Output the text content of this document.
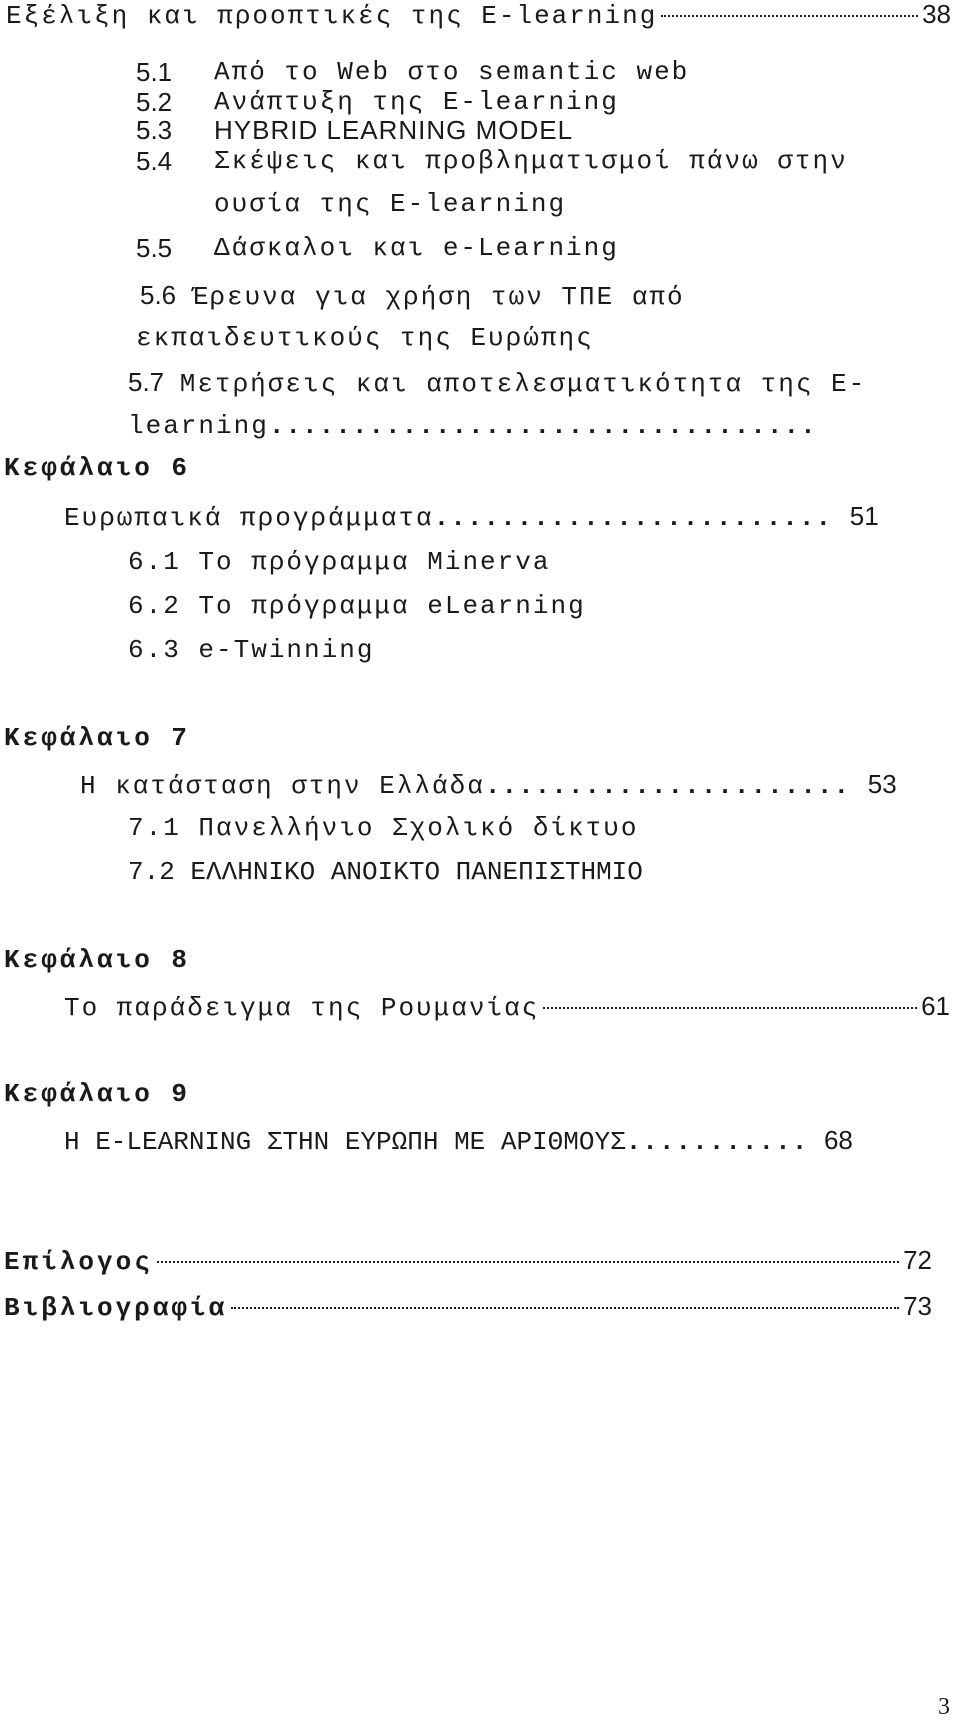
Εξέλιξη και προοπτικές της E-learning	38
5.1 Από το Web στο semantic web
5.2 Ανάπτυξη της E-learning
5.3 HYBRID LEARNING MODEL
5.4 Σκέψεις και προβληματισμοί πάνω στην
ουσία της E-learning
5.5 Δάσκαλοι και e-Learning
5.6 Έρευνα για χρήση των ΤΠΕ από
εκπαιδευτικούς της Ευρώπης
5.7 Μετρήσεις και αποτελεσματικότητα της E-
learning.................................
Κεφάλαιο 6
Ευρωπαικά προγράμματα........................ 51
6.1 Το πρόγραμμα Minerva
6.2 Το πρόγραμμα eLearning
6.3 e-Twinning
Κεφάλαιο 7
Η κατάσταση στην Ελλάδα...................... 53
7.1 Πανελλήνιο Σχολικό δίκτυο
7.2 ΕΛΛΗΝΙΚΟ ΑΝΟΙΚΤΟ ΠΑΝΕΠΙΣΤΗΜΙΟ
Κεφάλαιο 8
Το παράδειγμα της Ρουμανίας	61
Κεφάλαιο 9
Η E-LEARNING ΣΤΗΝ ΕΥΡΩΠΗ ΜΕ ΑΡΙΘΜΟΥΣ........... 68
Επίλογος	72
Βιβλιογραφία	73
3
